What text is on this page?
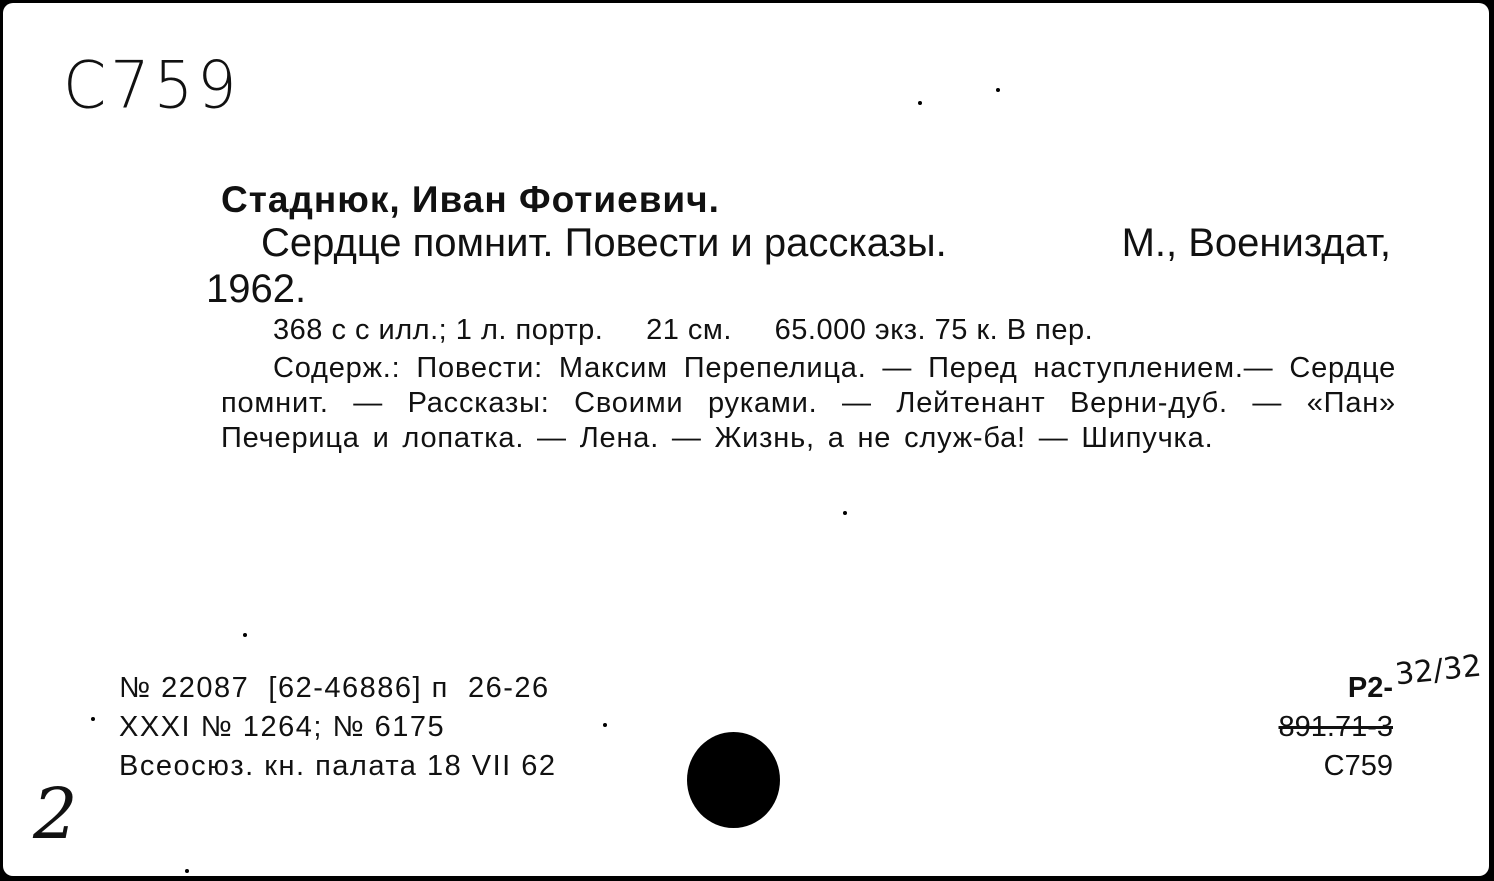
C759
Стаднюк, Иван Фотиевич.
Сердце помнит. Повести и рассказы.	М., Воениздат,
1962.
368 с с илл.; 1 л. портр.     21 см.     65.000 экз. 75 к. В пер.
Содерж.: Повести: Максим Перепелица. — Перед наступлением.— Сердце помнит. — Рассказы: Своими руками. — Лейтенант Верни-дуб. — «Пан» Печерица и лопатка. — Лена. — Жизнь, а не служ-ба! — Шипучка.
№ 22087  [62-46886] п  26-26
XXXI № 1264; № 6175
Всеосюз. кн. палата 18 VII 62
Р2- 32/32
891.71-3
C759
2
